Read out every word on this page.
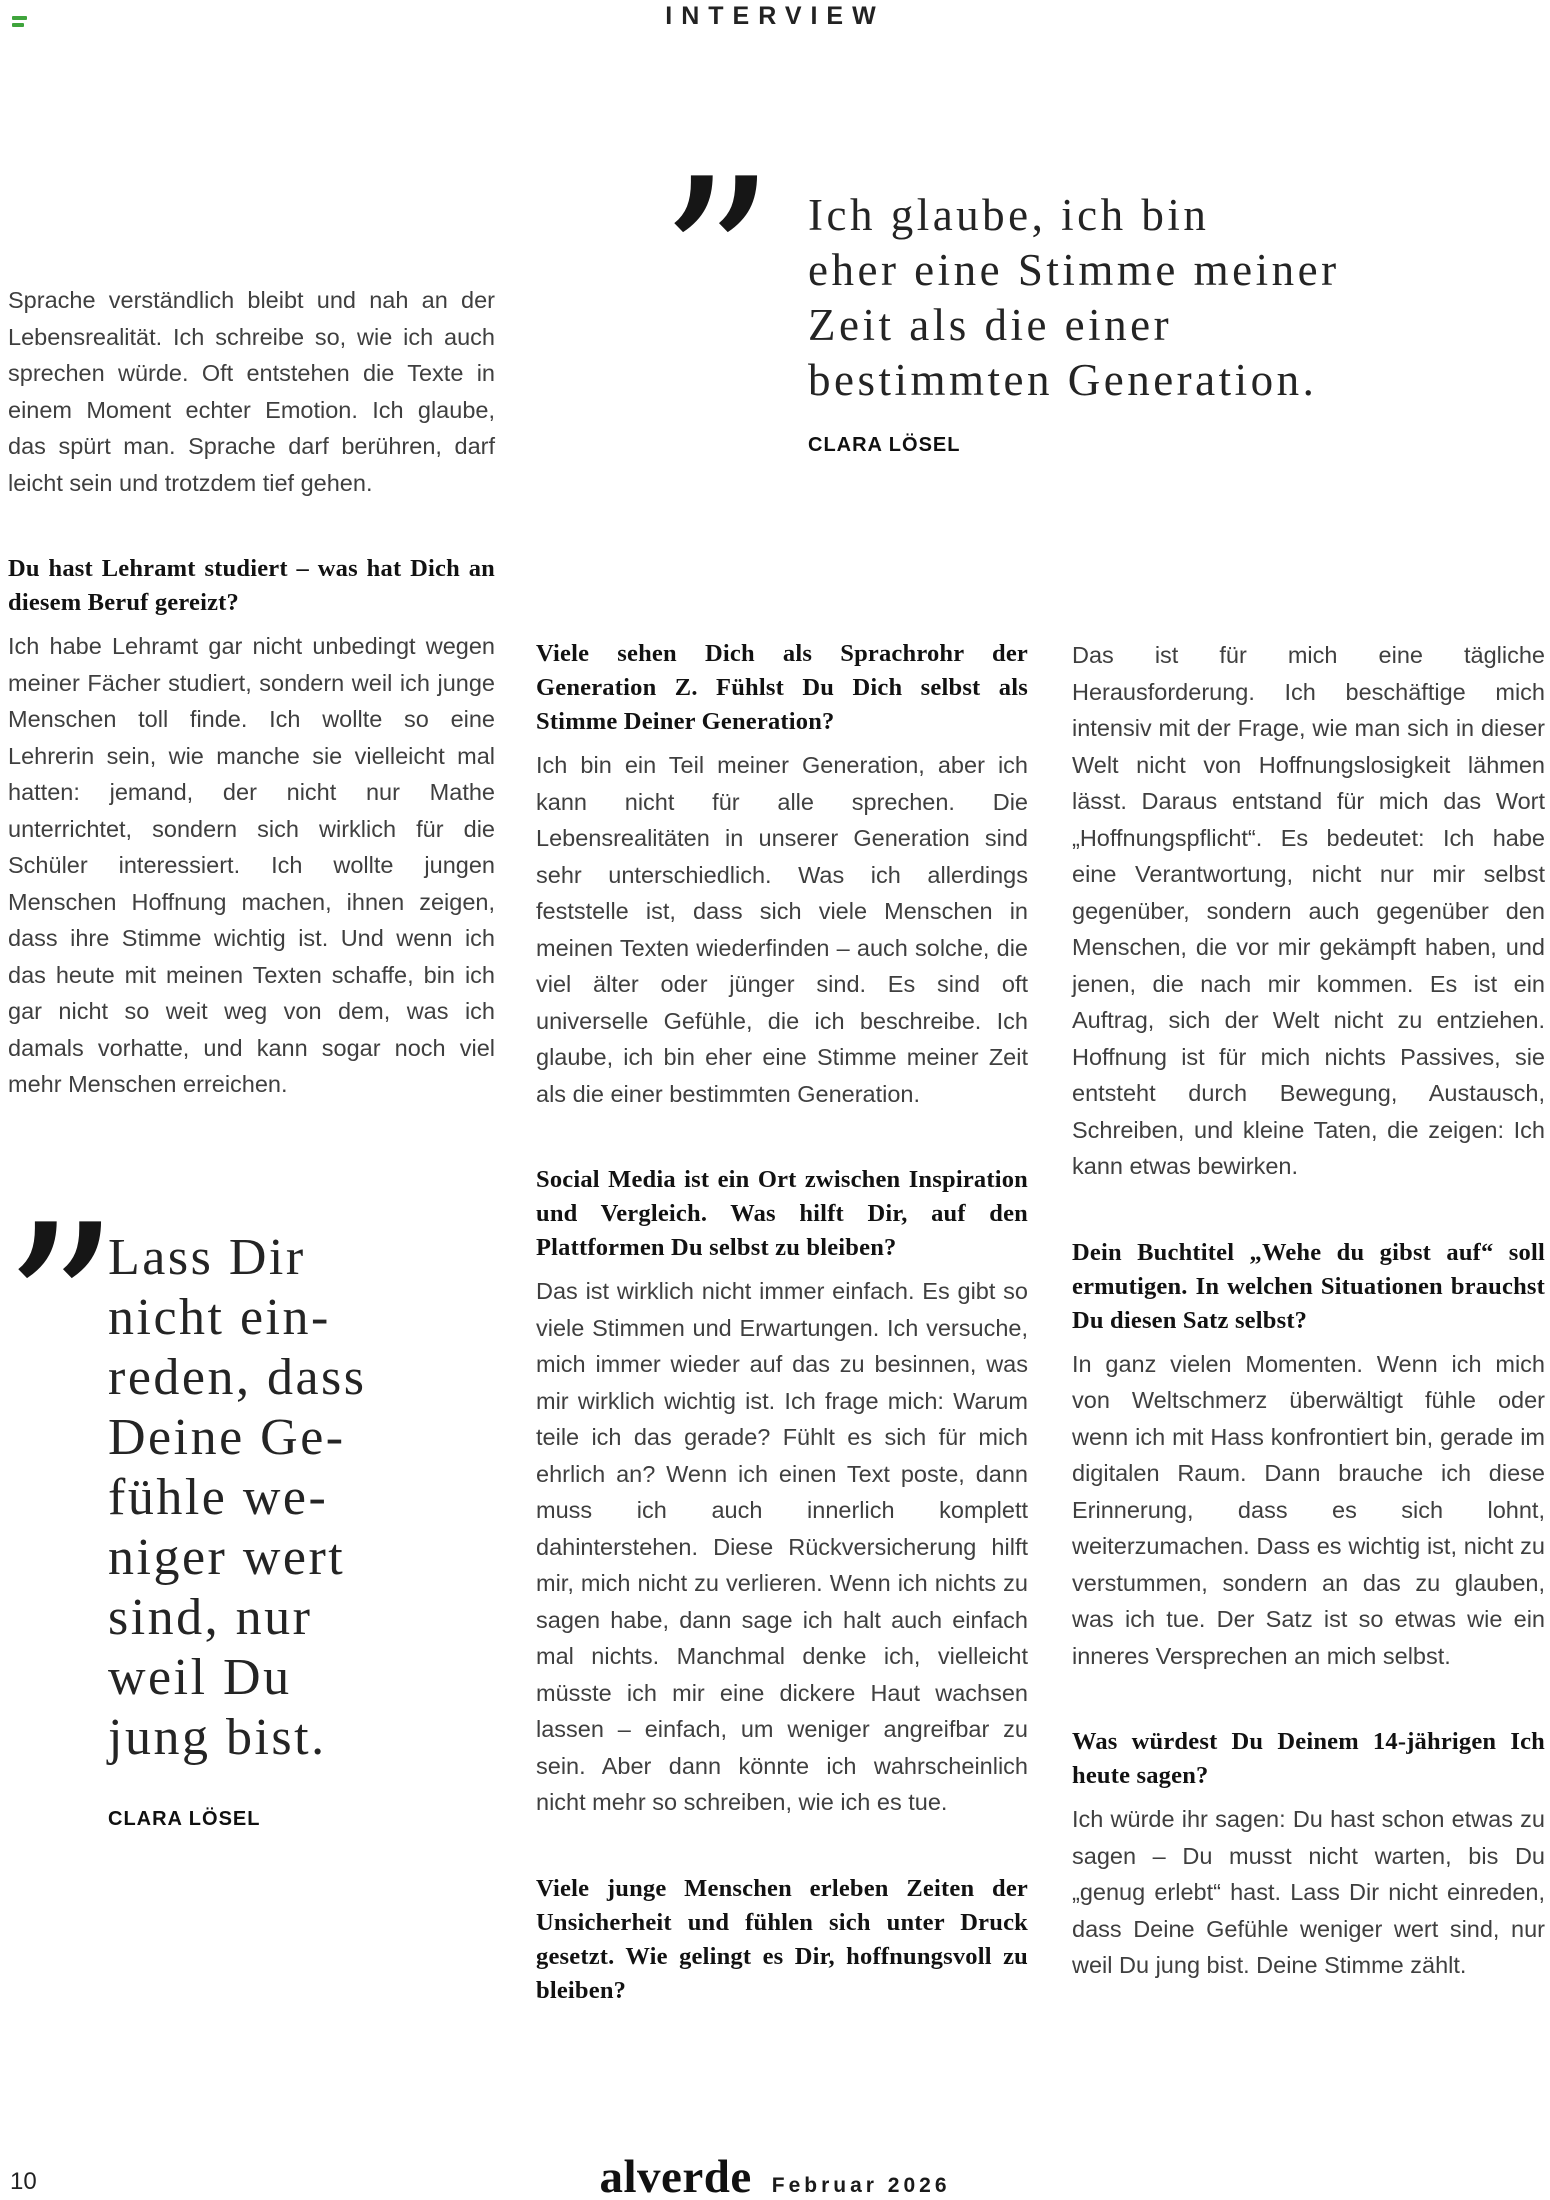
INTERVIEW
” Ich glaube, ich bin
eher eine Stimme meiner
Zeit als die einer
bestimmten Generation.
CLARA LÖSEL

Sprache verständlich bleibt und nah an der Lebensrealität. Ich schreibe so, wie ich auch sprechen würde. Oft entstehen die Texte in einem Moment echter Emotion. Ich glaube, das spürt man. Sprache darf berühren, darf leicht sein und trotzdem tief gehen.

Du hast Lehramt studiert – was hat Dich an diesem Beruf gereizt?

Ich habe Lehramt gar nicht unbedingt wegen meiner Fächer studiert, sondern weil ich junge Menschen toll finde. Ich wollte so eine Lehrerin sein, wie manche sie vielleicht mal hatten: jemand, der nicht nur Mathe unterrichtet, sondern sich wirklich für die Schüler interessiert. Ich wollte jungen Menschen Hoffnung machen, ihnen zeigen, dass ihre Stimme wichtig ist. Und wenn ich das heute mit meinen Texten schaffe, bin ich gar nicht so weit weg von dem, was ich damals vorhatte, und kann sogar noch viel mehr Menschen erreichen.

”
Lass Dir
nicht ein-
reden, dass
Deine Ge-
fühle we-
niger wert
sind, nur
weil Du
jung bist.
CLARA LÖSEL
Viele sehen Dich als Sprachrohr der Generation Z. Fühlst Du Dich selbst als Stimme Deiner Generation?

Ich bin ein Teil meiner Generation, aber ich kann nicht für alle sprechen. Die Lebensrealitäten in unserer Generation sind sehr unterschiedlich. Was ich allerdings feststelle ist, dass sich viele Menschen in meinen Texten wiederfinden – auch solche, die viel älter oder jünger sind. Es sind oft universelle Gefühle, die ich beschreibe. Ich glaube, ich bin eher eine Stimme meiner Zeit als die einer bestimmten Generation.

Social Media ist ein Ort zwischen Inspiration und Vergleich. Was hilft Dir, auf den Plattformen Du selbst zu bleiben?

Das ist wirklich nicht immer einfach. Es gibt so viele Stimmen und Erwartungen. Ich versuche, mich immer wieder auf das zu besinnen, was mir wirklich wichtig ist. Ich frage mich: Warum teile ich das gerade? Fühlt es sich für mich ehrlich an? Wenn ich einen Text poste, dann muss ich auch innerlich komplett dahinterstehen. Diese Rückversicherung hilft mir, mich nicht zu verlieren. Wenn ich nichts zu sagen habe, dann sage ich halt auch einfach mal nichts. Manchmal denke ich, vielleicht müsste ich mir eine dickere Haut wachsen lassen – einfach, um weniger angreifbar zu sein. Aber dann könnte ich wahrscheinlich nicht mehr so schreiben, wie ich es tue.

Viele junge Menschen erleben Zeiten der Unsicherheit und fühlen sich unter Druck gesetzt. Wie gelingt es Dir, hoffnungsvoll zu bleiben?

Das ist für mich eine tägliche Herausforderung. Ich beschäftige mich intensiv mit der Frage, wie man sich in dieser Welt nicht von Hoffnungslosigkeit lähmen lässt. Daraus entstand für mich das Wort „Hoffnungspflicht“. Es bedeutet: Ich habe eine Verantwortung, nicht nur mir selbst gegenüber, sondern auch gegenüber den Menschen, die vor mir gekämpft haben, und jenen, die nach mir kommen. Es ist ein Auftrag, sich der Welt nicht zu entziehen. Hoffnung ist für mich nichts Passives, sie entsteht durch Bewegung, Austausch, Schreiben, und kleine Taten, die zeigen: Ich kann etwas bewirken.

Dein Buchtitel „Wehe du gibst auf“ soll ermutigen. In welchen Situationen brauchst Du diesen Satz selbst?

In ganz vielen Momenten. Wenn ich mich von Weltschmerz überwältigt fühle oder wenn ich mit Hass konfrontiert bin, gerade im digitalen Raum. Dann brauche ich diese Erinnerung, dass es sich lohnt, weiterzumachen. Dass es wichtig ist, nicht zu verstummen, sondern an das zu glauben, was ich tue. Der Satz ist so etwas wie ein inneres Versprechen an mich selbst.

Was würdest Du Deinem 14-jährigen Ich heute sagen?

Ich würde ihr sagen: Du hast schon etwas zu sagen – Du musst nicht warten, bis Du „genug erlebt“ hast. Lass Dir nicht einreden, dass Deine Gefühle weniger wert sind, nur weil Du jung bist. Deine Stimme zählt.

10	alverde Februar 2026
